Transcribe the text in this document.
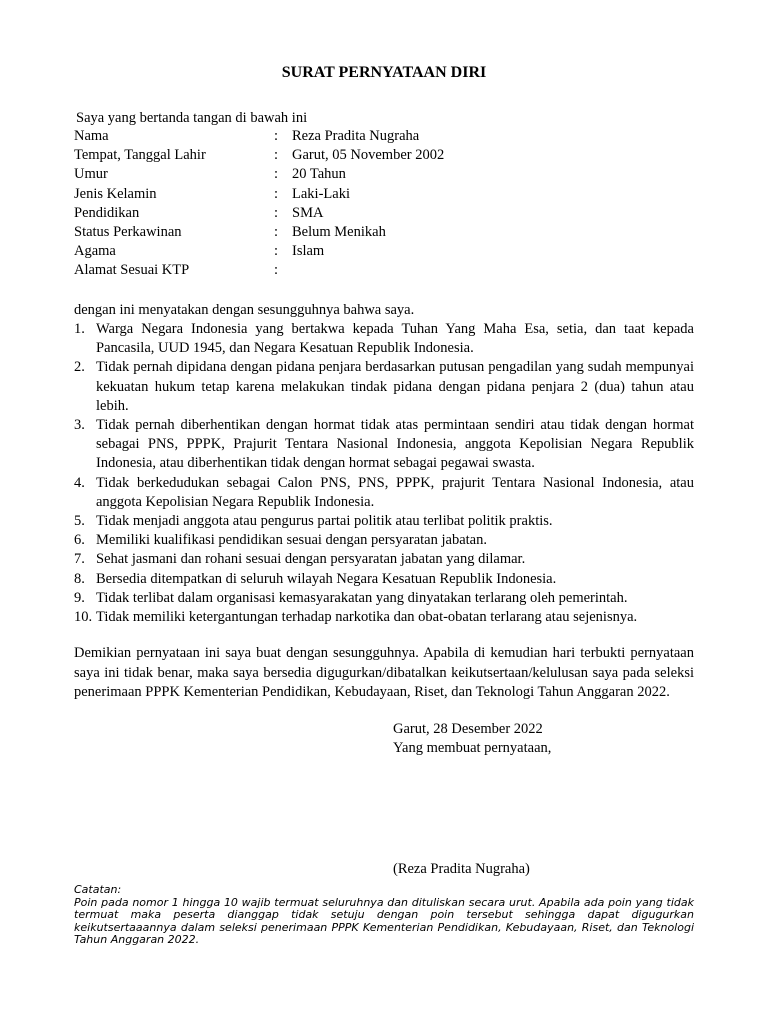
SURAT PERNYATAAN DIRI
Saya yang bertanda tangan di bawah ini
Nama	: Reza Pradita Nugraha
Tempat, Tanggal Lahir	: Garut, 05 November 2002
Umur	: 20 Tahun
Jenis Kelamin	: Laki-Laki
Pendidikan	: SMA
Status Perkawinan	: Belum Menikah
Agama	: Islam
Alamat Sesuai KTP	:
dengan ini menyatakan dengan sesungguhnya bahwa saya.
1. Warga Negara Indonesia yang bertakwa kepada Tuhan Yang Maha Esa, setia, dan taat kepada Pancasila, UUD 1945, dan Negara Kesatuan Republik Indonesia.
2. Tidak pernah dipidana dengan pidana penjara berdasarkan putusan pengadilan yang sudah mempunyai kekuatan hukum tetap karena melakukan tindak pidana dengan pidana penjara 2 (dua) tahun atau lebih.
3. Tidak pernah diberhentikan dengan hormat tidak atas permintaan sendiri atau tidak dengan hormat sebagai PNS, PPPK, Prajurit Tentara Nasional Indonesia, anggota Kepolisian Negara Republik Indonesia, atau diberhentikan tidak dengan hormat sebagai pegawai swasta.
4. Tidak berkedudukan sebagai Calon PNS, PNS, PPPK, prajurit Tentara Nasional Indonesia, atau anggota Kepolisian Negara Republik Indonesia.
5. Tidak menjadi anggota atau pengurus partai politik atau terlibat politik praktis.
6. Memiliki kualifikasi pendidikan sesuai dengan persyaratan jabatan.
7. Sehat jasmani dan rohani sesuai dengan persyaratan jabatan yang dilamar.
8. Bersedia ditempatkan di seluruh wilayah Negara Kesatuan Republik Indonesia.
9. Tidak terlibat dalam organisasi kemasyarakatan yang dinyatakan terlarang oleh pemerintah.
10. Tidak memiliki ketergantungan terhadap narkotika dan obat-obatan terlarang atau sejenisnya.
Demikian pernyataan ini saya buat dengan sesungguhnya. Apabila di kemudian hari terbukti pernyataan saya ini tidak benar, maka saya bersedia digugurkan/dibatalkan keikutsertaan/kelulusan saya pada seleksi penerimaan PPPK Kementerian Pendidikan, Kebudayaan, Riset, dan Teknologi Tahun Anggaran 2022.
Garut, 28 Desember 2022
Yang membuat pernyataan,
(Reza Pradita Nugraha)
Catatan:
Poin pada nomor 1 hingga 10 wajib termuat seluruhnya dan dituliskan secara urut. Apabila ada poin yang tidak termuat maka peserta dianggap tidak setuju dengan poin tersebut sehingga dapat digugurkan keikutsertaaannya dalam seleksi penerimaan PPPK Kementerian Pendidikan, Kebudayaan, Riset, dan Teknologi Tahun Anggaran 2022.
